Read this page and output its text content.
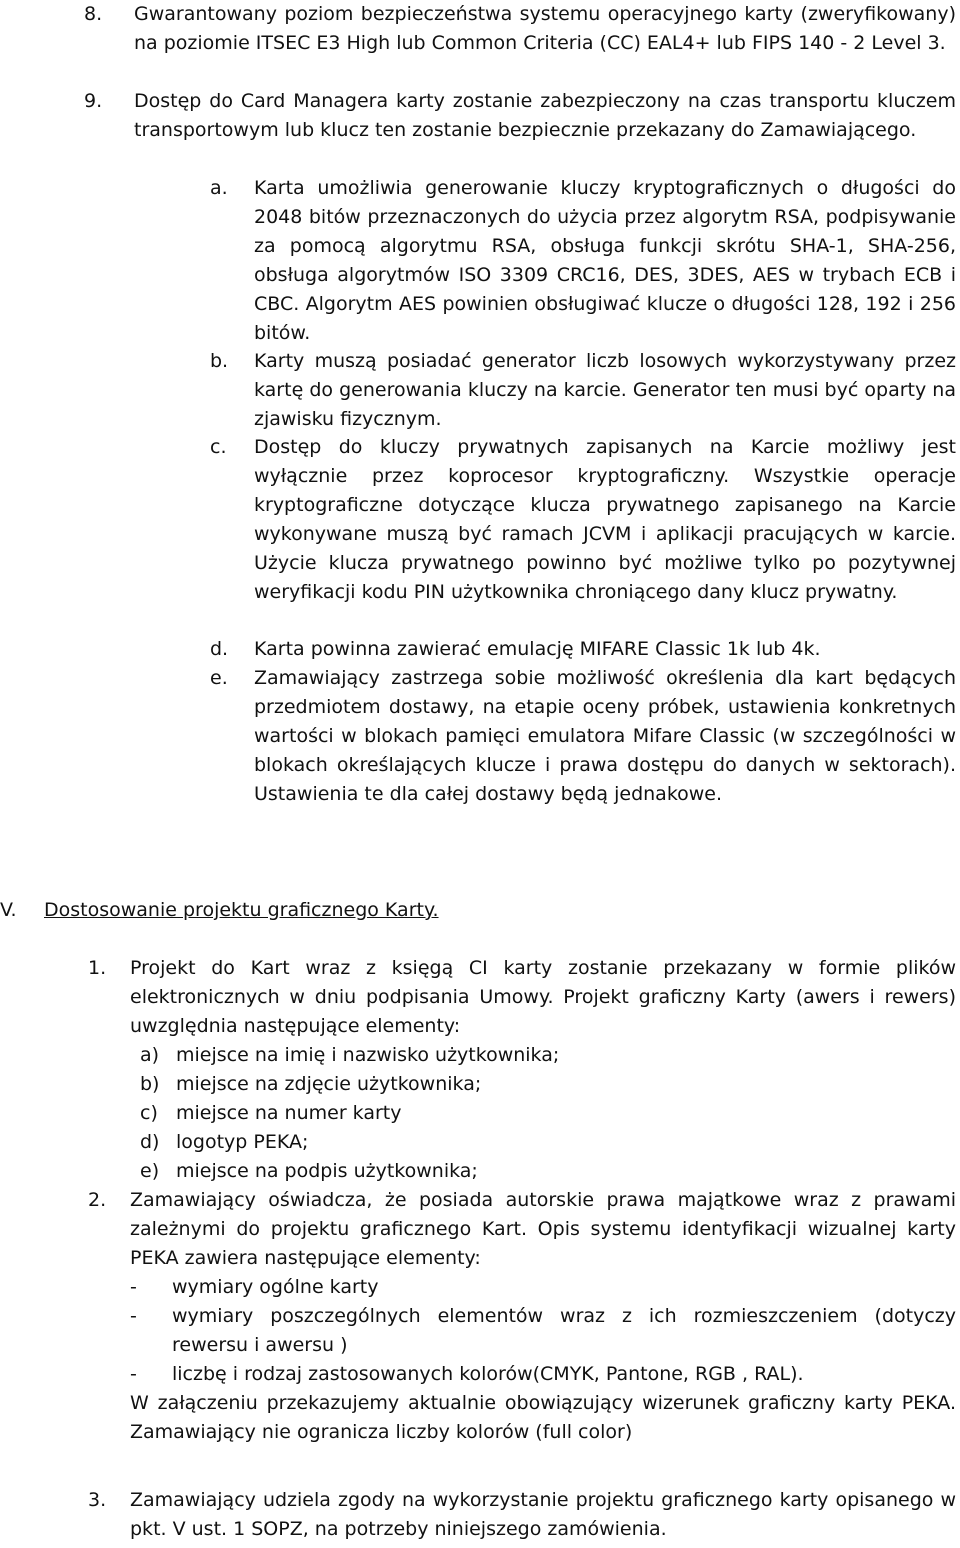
8.	Gwarantowany poziom bezpieczeństwa systemu operacyjnego karty (zweryfikowany) na poziomie ITSEC E3 High lub Common Criteria (CC) EAL4+ lub FIPS 140 - 2 Level 3.
9.	Dostęp do Card Managera karty zostanie zabezpieczony na czas transportu kluczem transportowym lub klucz ten zostanie bezpiecznie przekazany do Zamawiającego.
a.	Karta umożliwia generowanie kluczy kryptograficznych o długości do 2048 bitów przeznaczonych do użycia przez algorytm RSA, podpisywanie za pomocą algorytmu RSA, obsługa funkcji skrótu SHA-1, SHA-256, obsługa algorytmów ISO 3309 CRC16, DES, 3DES, AES w trybach ECB i CBC. Algorytm AES powinien obsługiwać klucze o długości 128, 192 i 256 bitów.
b.	Karty muszą posiadać generator liczb losowych wykorzystywany przez kartę do generowania kluczy na karcie. Generator ten musi być oparty na zjawisku fizycznym.
c.	Dostęp do kluczy prywatnych zapisanych na Karcie możliwy jest wyłącznie przez koprocesor kryptograficzny. Wszystkie operacje kryptograficzne dotyczące klucza prywatnego zapisanego na Karcie wykonywane muszą być ramach JCVM i aplikacji pracujących w karcie. Użycie klucza prywatnego powinno być możliwe tylko po pozytywnej weryfikacji kodu PIN użytkownika chroniącego dany klucz prywatny.
d.	Karta powinna zawierać emulację MIFARE Classic 1k lub 4k.
e.	Zamawiający zastrzega sobie możliwość określenia dla kart będących przedmiotem dostawy, na etapie oceny próbek, ustawienia konkretnych wartości w blokach pamięci emulatora Mifare Classic (w szczególności w blokach określających klucze i prawa dostępu do danych w sektorach). Ustawienia te dla całej dostawy będą jednakowe.
V.	Dostosowanie projektu graficznego Karty.
1.	Projekt do Kart wraz z księgą CI karty zostanie przekazany w formie plików elektronicznych w dniu podpisania Umowy. Projekt graficzny Karty (awers i rewers) uwzględnia następujące elementy:
a) miejsce na imię i nazwisko użytkownika;
b) miejsce na zdjęcie użytkownika;
c) miejsce na numer karty
d) logotyp PEKA;
e) miejsce na podpis użytkownika;
2.	Zamawiający oświadcza, że posiada autorskie prawa majątkowe wraz z prawami zależnymi do projektu graficznego Kart. Opis systemu identyfikacji wizualnej karty PEKA zawiera następujące elementy:
-	wymiary ogólne karty
-	wymiary poszczególnych elementów wraz z ich rozmieszczeniem (dotyczy rewersu i awersu )
-	liczbę i rodzaj zastosowanych kolorów(CMYK, Pantone, RGB , RAL).
W załączeniu przekazujemy aktualnie obowiązujący wizerunek graficzny karty PEKA. Zamawiający nie ogranicza liczby kolorów (full color)
3.	Zamawiający udziela zgody na wykorzystanie projektu graficznego karty opisanego w pkt. V ust. 1 SOPZ, na potrzeby niniejszego zamówienia.
